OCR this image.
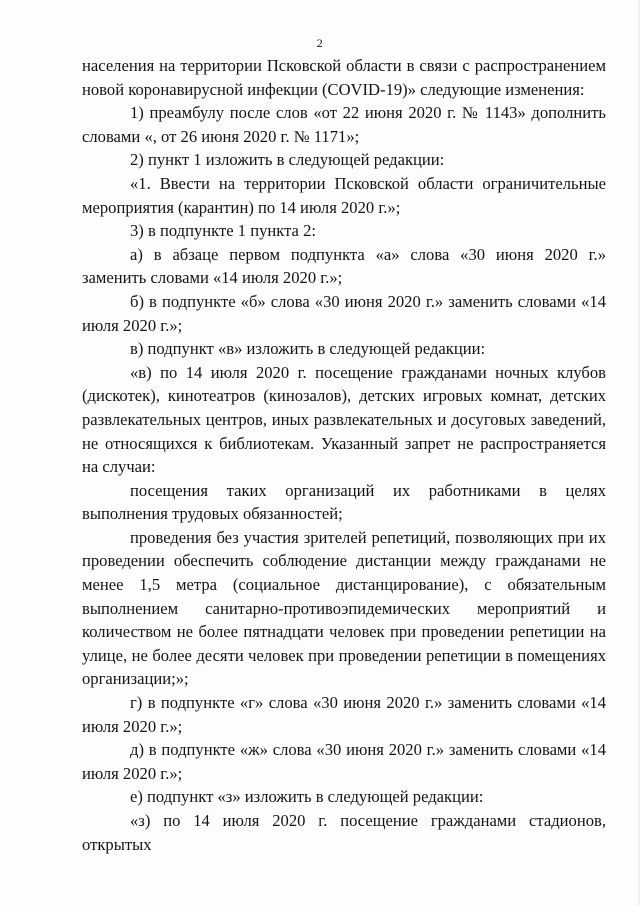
2

населения на территории Псковской области в связи с распространением новой коронавирусной инфекции (COVID-19)» следующие изменения:

1) преамбулу после слов «от 22 июня 2020 г. № 1143» дополнить словами «, от 26 июня 2020 г. № 1171»;

2) пункт 1 изложить в следующей редакции:

«1. Ввести на территории Псковской области ограничительные мероприятия (карантин) по 14 июля 2020 г.»;

3) в подпункте 1 пункта 2:

а) в абзаце первом подпункта «а» слова «30 июня 2020 г.» заменить словами «14 июля 2020 г.»;

б) в подпункте «б» слова «30 июня 2020 г.» заменить словами «14 июля 2020 г.»;

в) подпункт «в» изложить в следующей редакции:

«в) по 14 июля 2020 г. посещение гражданами ночных клубов (дискотек), кинотеатров (кинозалов), детских игровых комнат, детских развлекательных центров, иных развлекательных и досуговых заведений, не относящихся к библиотекам. Указанный запрет не распространяется на случаи:

посещения таких организаций их работниками в целях выполнения трудовых обязанностей;

проведения без участия зрителей репетиций, позволяющих при их проведении обеспечить соблюдение дистанции между гражданами не менее 1,5 метра (социальное дистанцирование), с обязательным выполнением санитарно-противоэпидемических мероприятий и количеством не более пятнадцати человек при проведении репетиции на улице, не более десяти человек при проведении репетиции в помещениях организации;»;

г) в подпункте «г» слова «30 июня 2020 г.» заменить словами «14 июля 2020 г.»;

д) в подпункте «ж» слова «30 июня 2020 г.» заменить словами «14 июля 2020 г.»;

е) подпункт «з» изложить в следующей редакции:

«з) по 14 июля 2020 г. посещение гражданами стадионов, открытых
